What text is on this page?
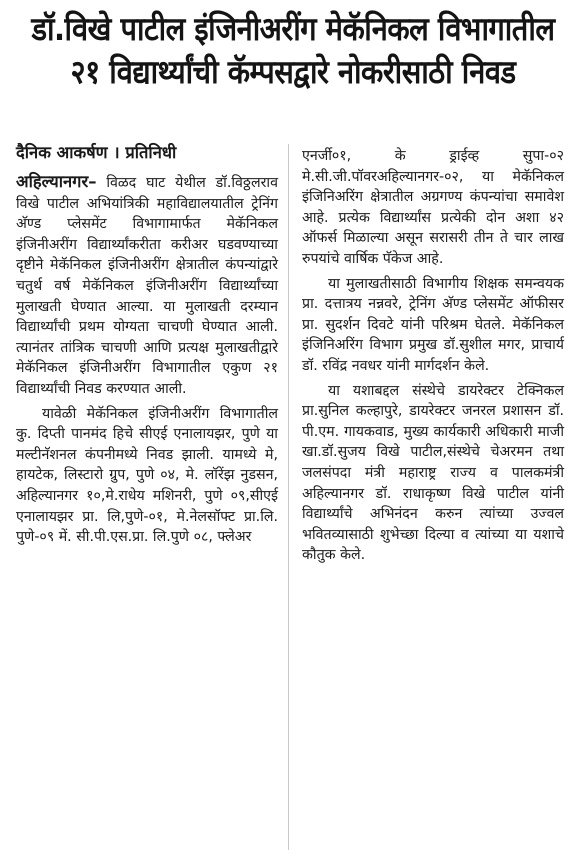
डॉ.विखे पाटील इंजिनीअरींग मेकॅनिकल विभागातील
२१ विद्यार्थ्यांची कॅम्पसद्वारे नोकरीसाठी निवड
दैनिक आकर्षण । प्रतिनिधी

अहिल्यानगर– विळद घाट येथील डॉ.विठ्ठलराव विखे पाटील अभियांत्रिकी महाविद्यालयातील ट्रेनिंग अ‍ॅण्ड प्लेसमेंट विभागामार्फत मेकॅनिकल इंजिनीअरींग विद्यार्थ्यांकरीता करीअर घडवण्याच्या दृष्टीने मेकॅनिकल इंजिनीअरींग क्षेत्रातील कंपन्यांद्वारे चतुर्थ वर्ष मेकॅनिकल इंजिनीअरींग विद्यार्थ्यांच्या मुलाखती घेण्यात आल्या. या मुलाखती दरम्यान विद्यार्थ्यांची प्रथम योग्यता चाचणी घेण्यात आली. त्यानंतर तांत्रिक चाचणी आणि प्रत्यक्ष मुलाखतीद्वारे मेकॅनिकल इंजिनीअरींग विभागातील एकुण २१ विद्यार्थ्यांची निवड करण्यात आली.

यावेळी मेकॅनिकल इंजिनीअरींग विभागातील कु. दिप्ती पानमंद हिचे सीएई एनालायझर, पुणे या मल्टीनॅशनल कंपनीमध्ये निवड झाली. यामध्ये मे, हायटेक, लिस्टारो ग्रुप, पुणे ०४, मे. लॉरेंझ नुडसन, अहिल्यानगर १०,मे.राधेय मशिनरी, पुणे ०९,सीएई एनालायझर प्रा. लि,पुणे-०१, मे.नेलसॉफ्ट प्रा.लि. पुणे-०९ में. सी.पी.एस.प्रा. लि.पुणे ०८, फ्लेअर

एनर्जी०१, के ड्राईव्ह सुपा-०२ मे.सी.जी.पॉवरअहिल्यानगर-०२, या मेकॅनिकल इंजिनिअरिंग क्षेत्रातील अग्रगण्य कंपन्यांचा समावेश आहे. प्रत्येक विद्यार्थ्यांस प्रत्येकी दोन अशा ४२ ऑफर्स मिळाल्या असून सरासरी तीन ते चार लाख रुपयांचे वार्षिक पॅकेज आहे.

या मुलाखतीसाठी विभागीय शिक्षक समन्वयक प्रा. दत्तात्रय नन्नवरे, ट्रेनिंग अ‍ॅण्ड प्लेसमेंट ऑफीसर प्रा. सुदर्शन दिवटे यांनी परिश्रम घेतले. मेकॅनिकल इंजिनिअरिंग विभाग प्रमुख डॉ.सुशील मगर, प्राचार्य डॉ. रविंद्र नवधर यांनी मार्गदर्शन केले.

या यशाबद्दल संस्थेचे डायरेक्टर टेक्निकल प्रा.सुनिल कल्हापुरे, डायरेक्टर जनरल प्रशासन डॉ. पी.एम. गायकवाड, मुख्य कार्यकारी अधिकारी माजी खा.डॉ.सुजय विखे पाटील,संस्थेचे चेअरमन तथा जलसंपदा मंत्री महाराष्ट्र राज्य व पालकमंत्री अहिल्यानगर डॉ. राधाकृष्ण विखे पाटील यांनी विद्यार्थ्यांचे अभिनंदन करुन त्यांच्या उज्वल भवितव्यासाठी शुभेच्छा दिल्या व त्यांच्या या यशाचे कौतुक केले.
